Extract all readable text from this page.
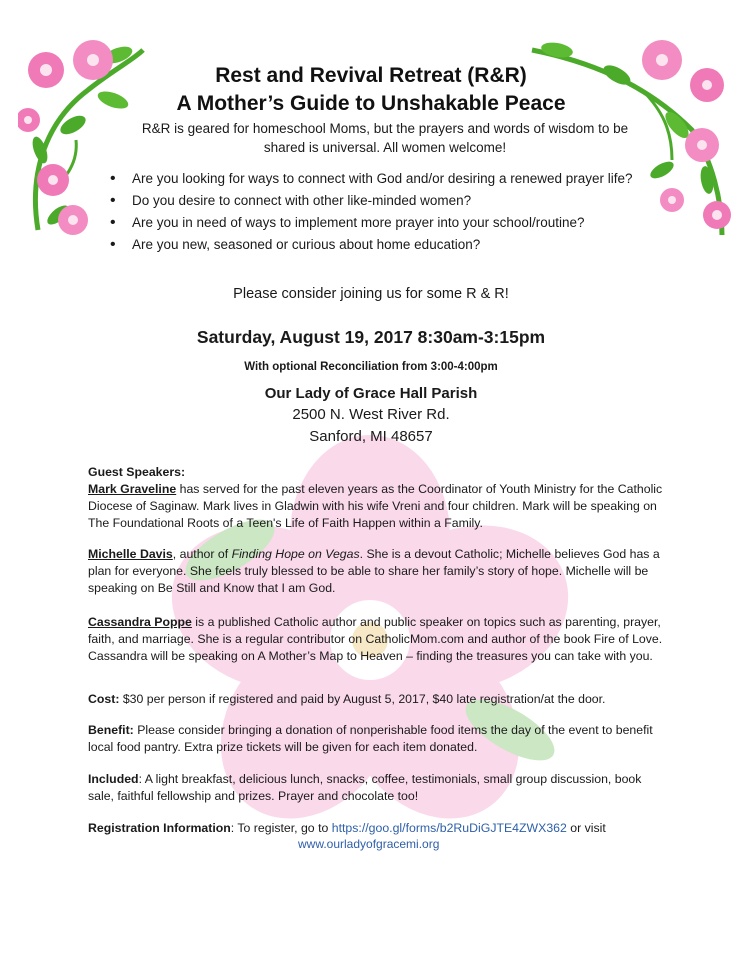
Rest and Revival Retreat (R&R)
A Mother’s Guide to Unshakable Peace
R&R is geared for homeschool Moms, but the prayers and words of wisdom to be shared is universal. All women welcome!
• Are you looking for ways to connect with God and/or desiring a renewed prayer life?
• Do you desire to connect with other like-minded women?
• Are you in need of ways to implement more prayer into your school/routine?
• Are you new, seasoned or curious about home education?
Please consider joining us for some R & R!
Saturday, August 19, 2017 8:30am-3:15pm
With optional Reconciliation from 3:00-4:00pm
Our Lady of Grace Hall Parish
2500 N. West River Rd.
Sanford, MI 48657
Guest Speakers:
Mark Graveline has served for the past eleven years as the Coordinator of Youth Ministry for the Catholic Diocese of Saginaw. Mark lives in Gladwin with his wife Vreni and four children. Mark will be speaking on The Foundational Roots of a Teen's Life of Faith Happen within a Family.
Michelle Davis, author of Finding Hope on Vegas. She is a devout Catholic; Michelle believes God has a plan for everyone. She feels truly blessed to be able to share her family’s story of hope. Michelle will be speaking on Be Still and Know that I am God.
Cassandra Poppe is a published Catholic author and public speaker on topics such as parenting, prayer, faith, and marriage. She is a regular contributor on CatholicMom.com and author of the book Fire of Love. Cassandra will be speaking on A Mother’s Map to Heaven – finding the treasures you can take with you.
Cost: $30 per person if registered and paid by August 5, 2017, $40 late registration/at the door.
Benefit: Please consider bringing a donation of nonperishable food items the day of the event to benefit local food pantry. Extra prize tickets will be given for each item donated.
Included: A light breakfast, delicious lunch, snacks, coffee, testimonials, small group discussion, book sale, faithful fellowship and prizes. Prayer and chocolate too!
Registration Information: To register, go to https://goo.gl/forms/b2RuDiGJTE4ZWX362 or visit
www.ourladyofgracemi.org
